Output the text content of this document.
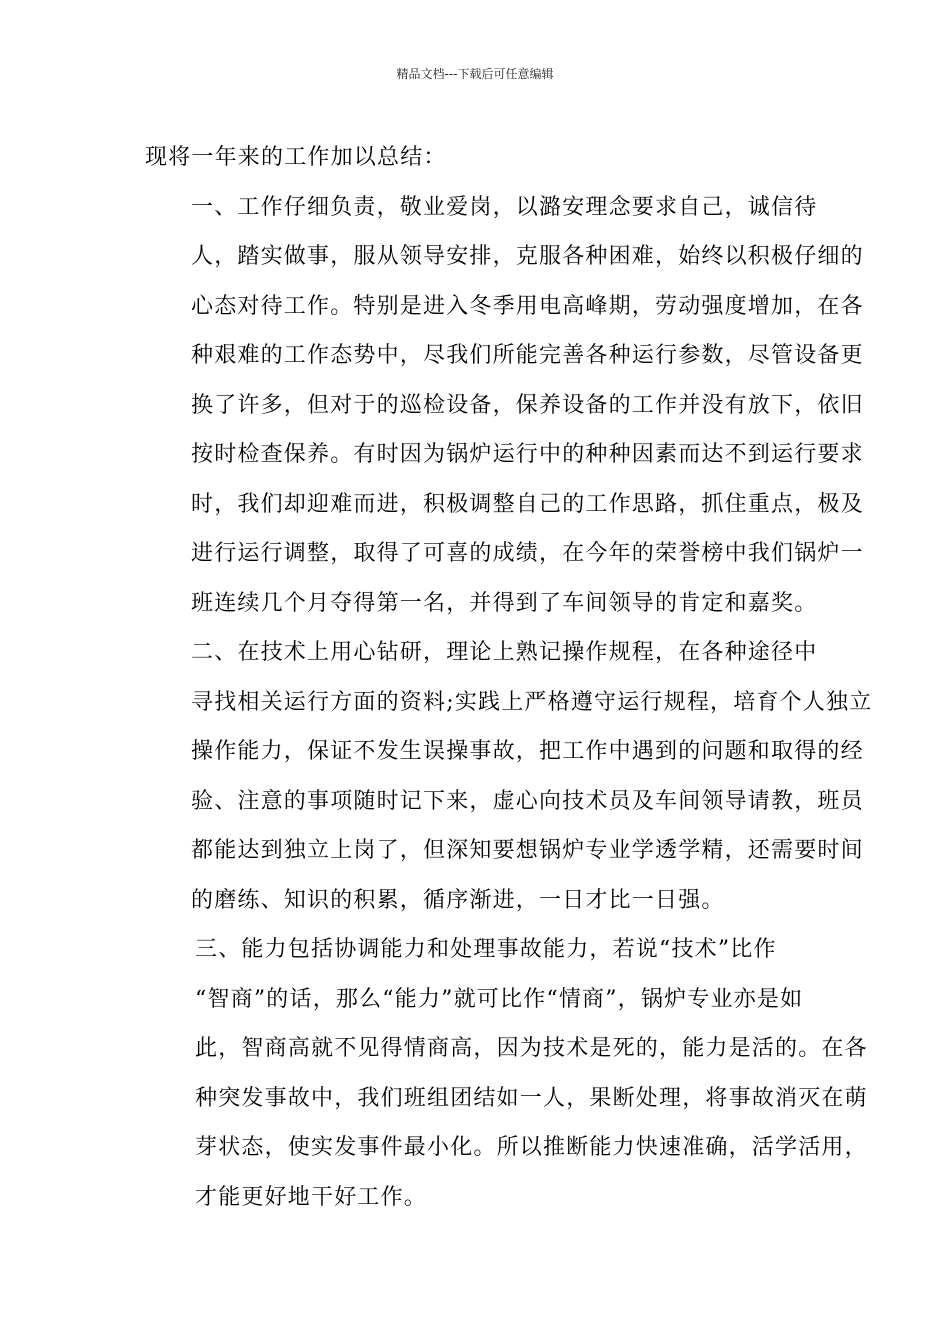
精品文档---下载后可任意编辑

现将一年来的工作加以总结：

一、工作仔细负责，敬业爱岗，以潞安理念要求自己，诚信待
人，踏实做事，服从领导安排，克服各种困难，始终以积极仔细的
心态对待工作。特别是进入冬季用电高峰期，劳动强度增加，在各
种艰难的工作态势中，尽我们所能完善各种运行参数，尽管设备更
换了许多，但对于的巡检设备，保养设备的工作并没有放下，依旧
按时检查保养。有时因为锅炉运行中的种种因素而达不到运行要求
时，我们却迎难而进，积极调整自己的工作思路，抓住重点，极及
进行运行调整，取得了可喜的成绩，在今年的荣誉榜中我们锅炉一
班连续几个月夺得第一名，并得到了车间领导的肯定和嘉奖。

二、在技术上用心钻研，理论上熟记操作规程，在各种途径中
寻找相关运行方面的资料;实践上严格遵守运行规程，培育个人独立
操作能力，保证不发生误操事故，把工作中遇到的问题和取得的经
验、注意的事项随时记下来，虚心向技术员及车间领导请教，班员
都能达到独立上岗了，但深知要想锅炉专业学透学精，还需要时间
的磨练、知识的积累，循序渐进，一日才比一日强。

三、能力包括协调能力和处理事故能力，若说“技术”比作
“智商”的话，那么“能力”就可比作“情商”，锅炉专业亦是如
此，智商高就不见得情商高，因为技术是死的，能力是活的。在各
种突发事故中，我们班组团结如一人，果断处理，将事故消灭在萌
芽状态，使实发事件最小化。所以推断能力快速准确，活学活用，
才能更好地干好工作。
